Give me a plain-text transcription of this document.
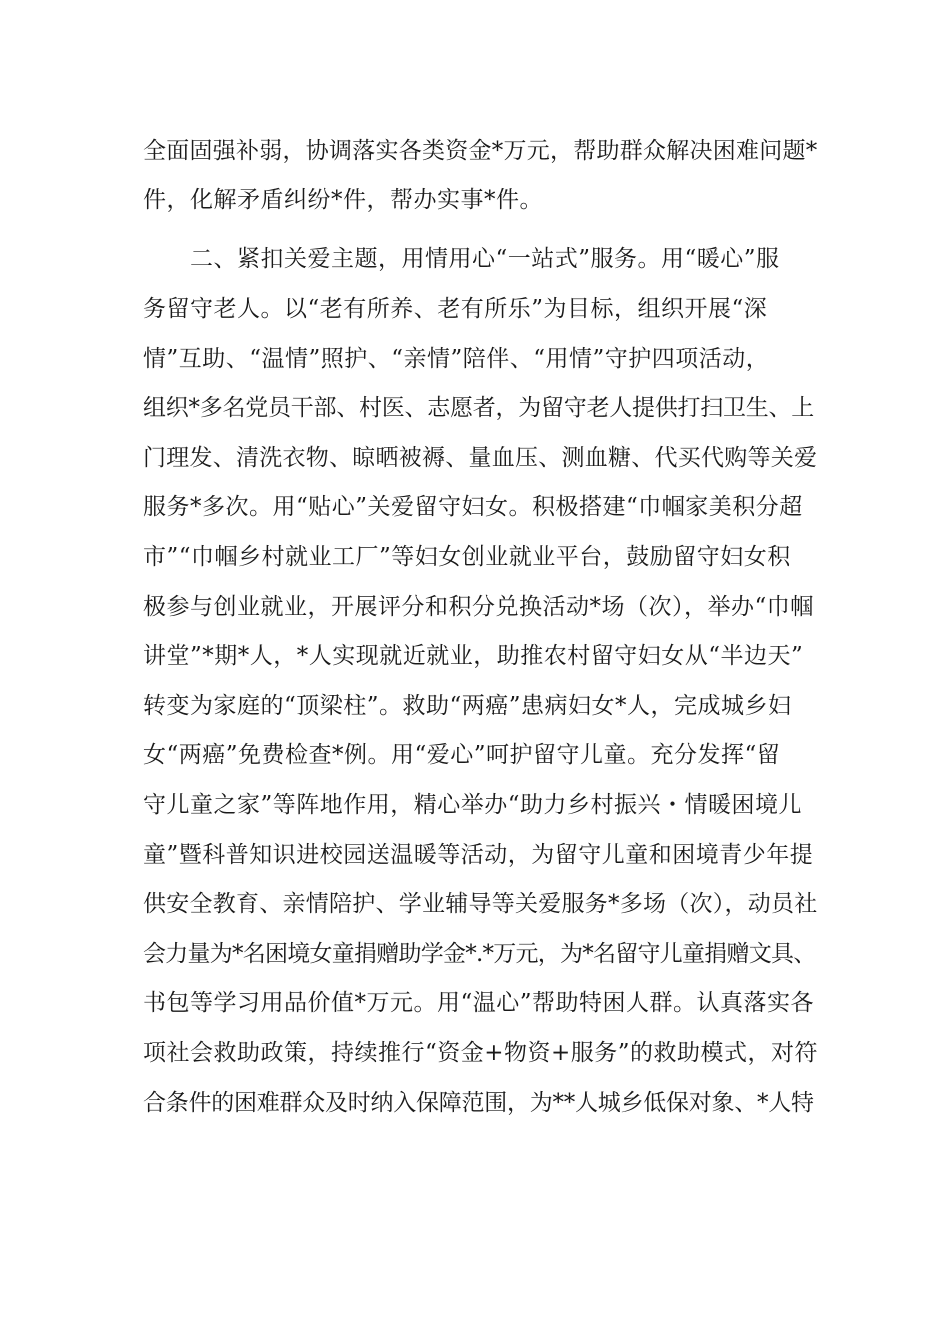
全面固强补弱，协调落实各类资金*万元，帮助群众解决困难问题*
件，化解矛盾纠纷*件，帮办实事*件。
二、紧扣关爱主题，用情用心“一站式”服务。用“暖心”服
务留守老人。以“老有所养、老有所乐”为目标，组织开展“深
情”互助、“温情”照护、“亲情”陪伴、“用情”守护四项活动，
组织*多名党员干部、村医、志愿者，为留守老人提供打扫卫生、上
门理发、清洗衣物、晾晒被褥、量血压、测血糖、代买代购等关爱
服务*多次。用“贴心”关爱留守妇女。积极搭建“巾帼家美积分超
市”“巾帼乡村就业工厂”等妇女创业就业平台，鼓励留守妇女积
极参与创业就业，开展评分和积分兑换活动*场（次），举办“巾帼
讲堂”*期*人，*人实现就近就业，助推农村留守妇女从“半边天”
转变为家庭的“顶梁柱”。救助“两癌”患病妇女*人，完成城乡妇
女“两癌”免费检查*例。用“爱心”呵护留守儿童。充分发挥“留
守儿童之家”等阵地作用，精心举办“助力乡村振兴・情暖困境儿
童”暨科普知识进校园送温暖等活动，为留守儿童和困境青少年提
供安全教育、亲情陪护、学业辅导等关爱服务*多场（次），动员社
会力量为*名困境女童捐赠助学金*.*万元，为*名留守儿童捐赠文具、
书包等学习用品价值*万元。用“温心”帮助特困人群。认真落实各
项社会救助政策，持续推行“资金+物资+服务”的救助模式，对符
合条件的困难群众及时纳入保障范围，为**人城乡低保对象、*人特
